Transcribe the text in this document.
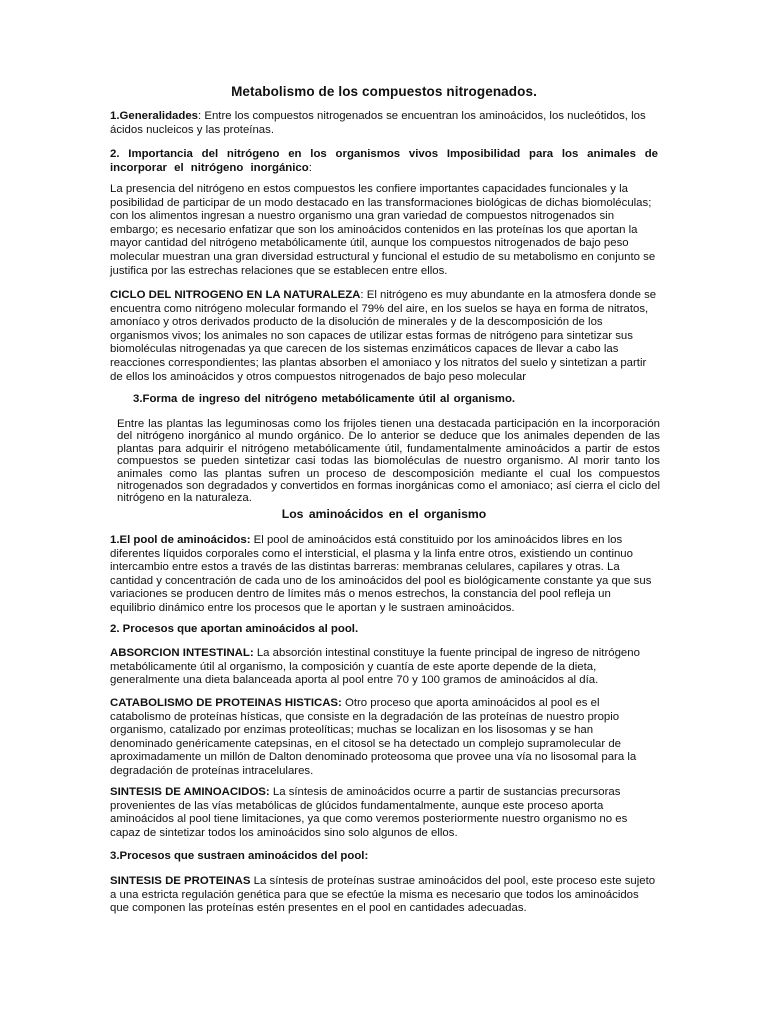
Metabolismo de los compuestos nitrogenados.

1.Generalidades: Entre los compuestos nitrogenados se encuentran los aminoácidos, los nucleótidos, los ácidos nucleicos y las proteínas.

2. Importancia del nitrógeno en los organismos vivos Imposibilidad para los animales de incorporar el nitrógeno inorgánico:

La presencia del nitrógeno en estos compuestos les confiere importantes capacidades funcionales y la posibilidad de participar de un modo destacado en las transformaciones biológicas de dichas biomoléculas; con los alimentos ingresan a nuestro organismo una gran variedad de compuestos nitrogenados sin embargo; es necesario enfatizar que son los aminoácidos contenidos en las proteínas los que aportan la mayor cantidad del nitrógeno metabólicamente útil, aunque los compuestos nitrogenados de bajo peso molecular muestran una gran diversidad estructural y funcional el estudio de su metabolismo en conjunto se justifica por las estrechas relaciones que se establecen entre ellos.

CICLO DEL NITROGENO EN LA NATURALEZA: El nitrógeno es muy abundante en la atmosfera donde se encuentra como nitrógeno molecular formando el 79% del aire, en los suelos se haya en forma de nitratos, amoníaco y otros derivados producto de la disolución de minerales y de la descomposición de los organismos vivos; los animales no son capaces de utilizar estas formas de nitrógeno para sintetizar sus biomoléculas nitrogenadas ya que carecen de los sistemas enzimáticos capaces de llevar a cabo las reacciones correspondientes; las plantas absorben el amoniaco y los nitratos del suelo y sintetizan a partir de ellos los aminoácidos y otros compuestos nitrogenados de bajo peso molecular

3.Forma de ingreso del nitrógeno metabólicamente útil al organismo.

Entre las plantas las leguminosas como los frijoles tienen una destacada participación en la incorporación del nitrógeno inorgánico al mundo orgánico. De lo anterior se deduce que los animales dependen de las plantas para adquirir el nitrógeno metabólicamente útil, fundamentalmente aminoácidos a partir de estos compuestos se pueden sintetizar casi todas las biomoléculas de nuestro organismo. Al morir tanto los animales como las plantas sufren un proceso de descomposición mediante el cual los compuestos nitrogenados son degradados y convertidos en formas inorgánicas como el amoniaco; así cierra el ciclo del nitrógeno en la naturaleza.

Los aminoácidos en el organismo

1.El pool de aminoácidos: El pool de aminoácidos está constituido por los aminoácidos libres en los diferentes líquidos corporales como el intersticial, el plasma y la linfa entre otros, existiendo un continuo intercambio entre estos a través de las distintas barreras: membranas celulares, capilares y otras. La cantidad y concentración de cada uno de los aminoácidos del pool es biológicamente constante ya que sus variaciones se producen dentro de límites más o menos estrechos, la constancia del pool refleja un equilibrio dinámico entre los procesos que le aportan y le sustraen aminoácidos.

2. Procesos que aportan aminoácidos al pool.

ABSORCION INTESTINAL: La absorción intestinal constituye la fuente principal de ingreso de nitrógeno metabólicamente útil al organismo, la composición y cuantía de este aporte depende de la dieta, generalmente una dieta balanceada aporta al pool entre 70 y 100 gramos de aminoácidos al día.

CATABOLISMO DE PROTEINAS HISTICAS: Otro proceso que aporta aminoácidos al pool es el catabolismo de proteínas hísticas, que consiste en la degradación de las proteínas de nuestro propio organismo, catalizado por enzimas proteolíticas; muchas se localizan en los lisosomas y se han denominado genéricamente catepsinas, en el citosol se ha detectado un complejo supramolecular de aproximadamente un millón de Dalton denominado proteosoma que provee una vía no lisosomal para la degradación de proteínas intracelulares.

SINTESIS DE AMINOACIDOS: La síntesis de aminoácidos ocurre a partir de sustancias precursoras provenientes de las vías metabólicas de glúcidos fundamentalmente, aunque este proceso aporta aminoácidos al pool tiene limitaciones, ya que como veremos posteriormente nuestro organismo no es capaz de sintetizar todos los aminoácidos sino solo algunos de ellos.

3.Procesos que sustraen aminoácidos del pool:

SINTESIS DE PROTEINAS La síntesis de proteínas sustrae aminoácidos del pool, este proceso este sujeto a una estricta regulación genética para que se efectúe la misma es necesario que todos los aminoácidos que componen las proteínas estén presentes en el pool en cantidades adecuadas.
